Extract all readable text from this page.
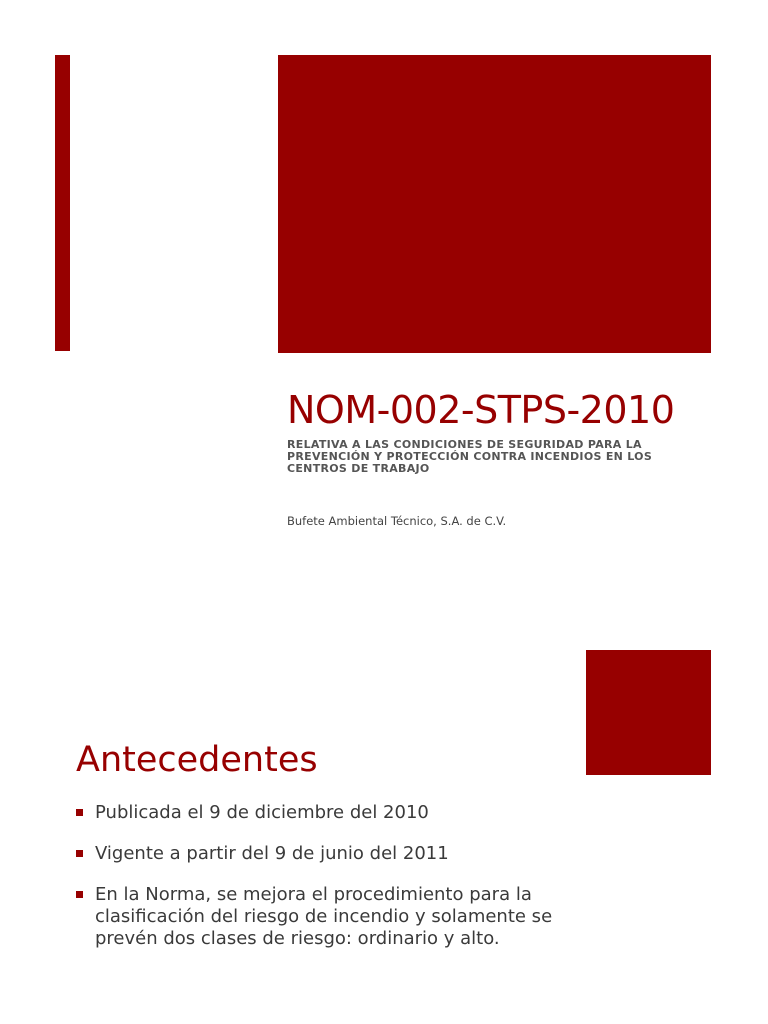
NOM-002-STPS-2010

RELATIVA A LAS CONDICIONES DE SEGURIDAD PARA LA PREVENCIÓN Y PROTECCIÓN CONTRA INCENDIOS EN LOS CENTROS DE TRABAJO

Bufete Ambiental Técnico, S.A. de C.V.

Antecedentes
Publicada el 9 de diciembre del 2010
Vigente a partir del 9 de junio del 2011
En la Norma, se mejora el procedimiento para la clasificación del riesgo de incendio y solamente se prevén dos clases de riesgo: ordinario y alto.
